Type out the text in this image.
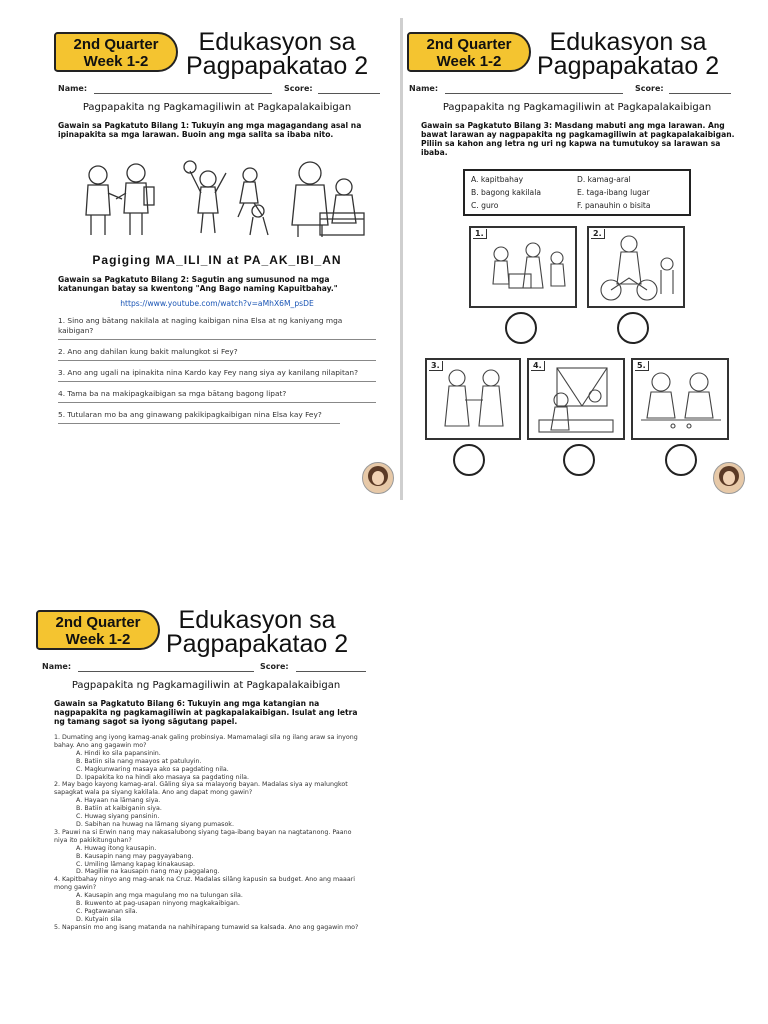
2nd Quarter
Week 1-2
Edukasyon sa
Pagpapakatao 2
Name:	Score:
Pagpapakita ng Pagkamagiliwin at Pagkapalakaibigan
Gawain sa Pagkatuto Bilang 1: Tukuyin ang mga magagandang asal na ipinapakita sa mga larawan. Buoin ang mga salita sa ibaba nito.
Pagiging MA_ILI_IN at PA_AK_IBI_AN
Gawain sa Pagkatuto Bilang 2: Sagutin ang sumusunod na mga katanungan batay sa kwentong "Ang Bago naming Kapuitbahay."
https://www.youtube.com/watch?v=aMhX6M_psDE
1. Sino ang bātang nakilala at naging kaibigan nina Elsa at ng kaniyang mga kaibigan?
2. Ano ang dahilan kung bakit malungkot si Fey?
3. Ano ang ugali na ipinakita nina Kardo kay Fey nang siya ay kanilang nilapitan?
4. Tama ba na makipagkaibigan sa mga bātang bagong lipat?
5. Tutularan mo ba ang ginawang pakikipagkaibigan nina Elsa kay Fey?
2nd Quarter
Week 1-2
Edukasyon sa
Pagpapakatao 2
Name:	Score:
Pagpapakita ng Pagkamagiliwin at Pagkapalakaibigan
Gawain sa Pagkatuto Bilang 3: Masdang mabuti ang mga larawan. Ang bawat larawan ay nagpapakita ng pagkamagiliwin at pagkapalakaibigan. Piliin sa kahon ang letra ng uri ng kapwa na tumutukoy sa larawan sa ibaba.
A. kapitbahay	D. kamag-aral
B. bagong kakilala	E. taga-ibang lugar
C. guro	F. panauhin o bisita
1.	2.
3.	4.	5.
2nd Quarter
Week 1-2
Edukasyon sa
Pagpapakatao 2
Name:	Score:
Pagpapakita ng Pagkamagiliwin at Pagkapalakaibigan
Gawain sa Pagkatuto Bilang 6: Tukuyin ang mga katangian na nagpapakita ng pagkamagiliwin at pagkapalakaibigan. Isulat ang letra ng tamang sagot sa iyong sāgutang papel.
1. Dumating ang iyong kamag-anak galing probinsiya. Mamamalagi sila ng ilang araw sa inyong bahay. Ano ang gagawin mo?
A. Hindi ko sila papansinin.
B. Batiin sila nang maayos at patuluyin.
C. Magkunwaring masaya ako sa pagdating nila.
D. Ipapakita ko na hindi ako masaya sa pagdating nila.
2. May bago kayong kamag-aral. Gāling siya sa malayong bayan. Madalas siya ay malungkot sapagkat wala pa siyang kakilala. Ano ang dapat mong gawin?
A. Hayaan na lāmang siya.
B. Batiin at kaibiganin siya.
C. Huwag siyang pansinin.
D. Sabihan na huwag na lāmang siyang pumasok.
3. Pauwi na si Erwin nang may nakasalubong siyang taga-ibang bayan na nagtatanong. Paano niya ito pakikitunguhan?
A. Huwag itong kausapin.
B. Kausapin nang may pagyayabang.
C. Umiling lāmang kapag kinakausap.
D. Magiliw na kausapin nang may paggalang.
4. Kapitbahay ninyo ang mag-anak na Cruz. Madalas silāng kapusin sa budget. Ano ang maaari mong gawin?
A. Kausapin ang mga magulang mo na tulungan sila.
B. Ikuwento at pag-usapan ninyong magkakaibigan.
C. Pagtawanan sila.
D. Kutyain sila
5. Napansin mo ang isang matanda na nahihirapang tumawid sa kalsada. Ano ang gagawin mo?
